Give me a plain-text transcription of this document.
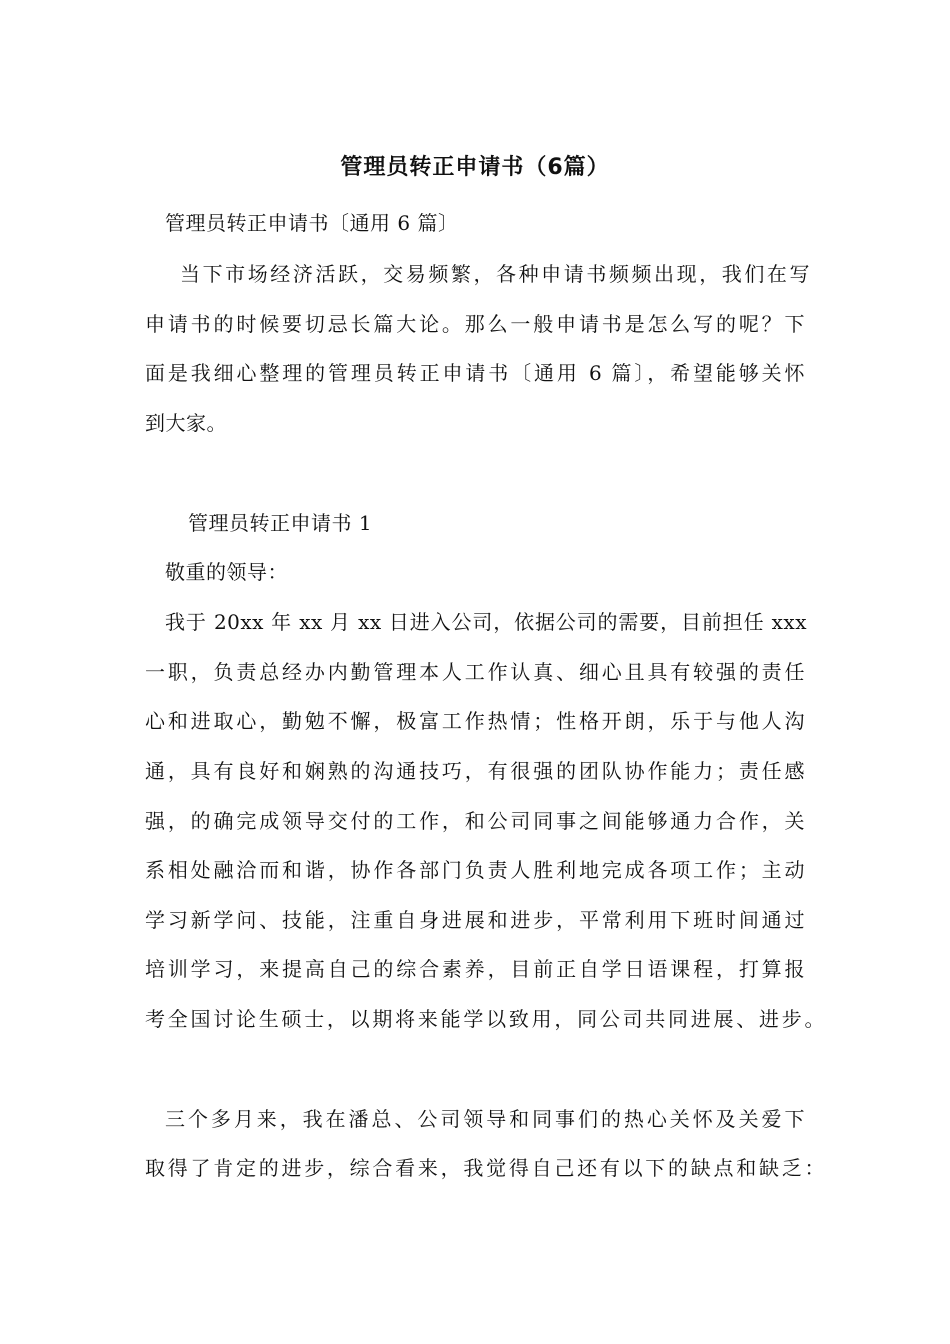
管理员转正申请书（6篇）
管理员转正申请书〔通用 6 篇〕
当下市场经济活跃，交易频繁，各种申请书频频出现，我们在写
申请书的时候要切忌长篇大论。那么一般申请书是怎么写的呢？下
面是我细心整理的管理员转正申请书〔通用 6 篇〕，希望能够关怀
到大家。
管理员转正申请书 1
敬重的领导：
我于 20xx 年 xx 月 xx 日进入公司，依据公司的需要，目前担任 xxx
一职，负责总经办内勤管理本人工作认真、细心且具有较强的责任
心和进取心，勤勉不懈，极富工作热情；性格开朗，乐于与他人沟
通，具有良好和娴熟的沟通技巧，有很强的团队协作能力；责任感
强，的确完成领导交付的工作，和公司同事之间能够通力合作，关
系相处融洽而和谐，协作各部门负责人胜利地完成各项工作；主动
学习新学问、技能，注重自身进展和进步，平常利用下班时间通过
培训学习，来提高自己的综合素养，目前正自学日语课程，打算报
考全国讨论生硕士，以期将来能学以致用，同公司共同进展、进步。
三个多月来，我在潘总、公司领导和同事们的热心关怀及关爱下
取得了肯定的进步，综合看来，我觉得自己还有以下的缺点和缺乏：
